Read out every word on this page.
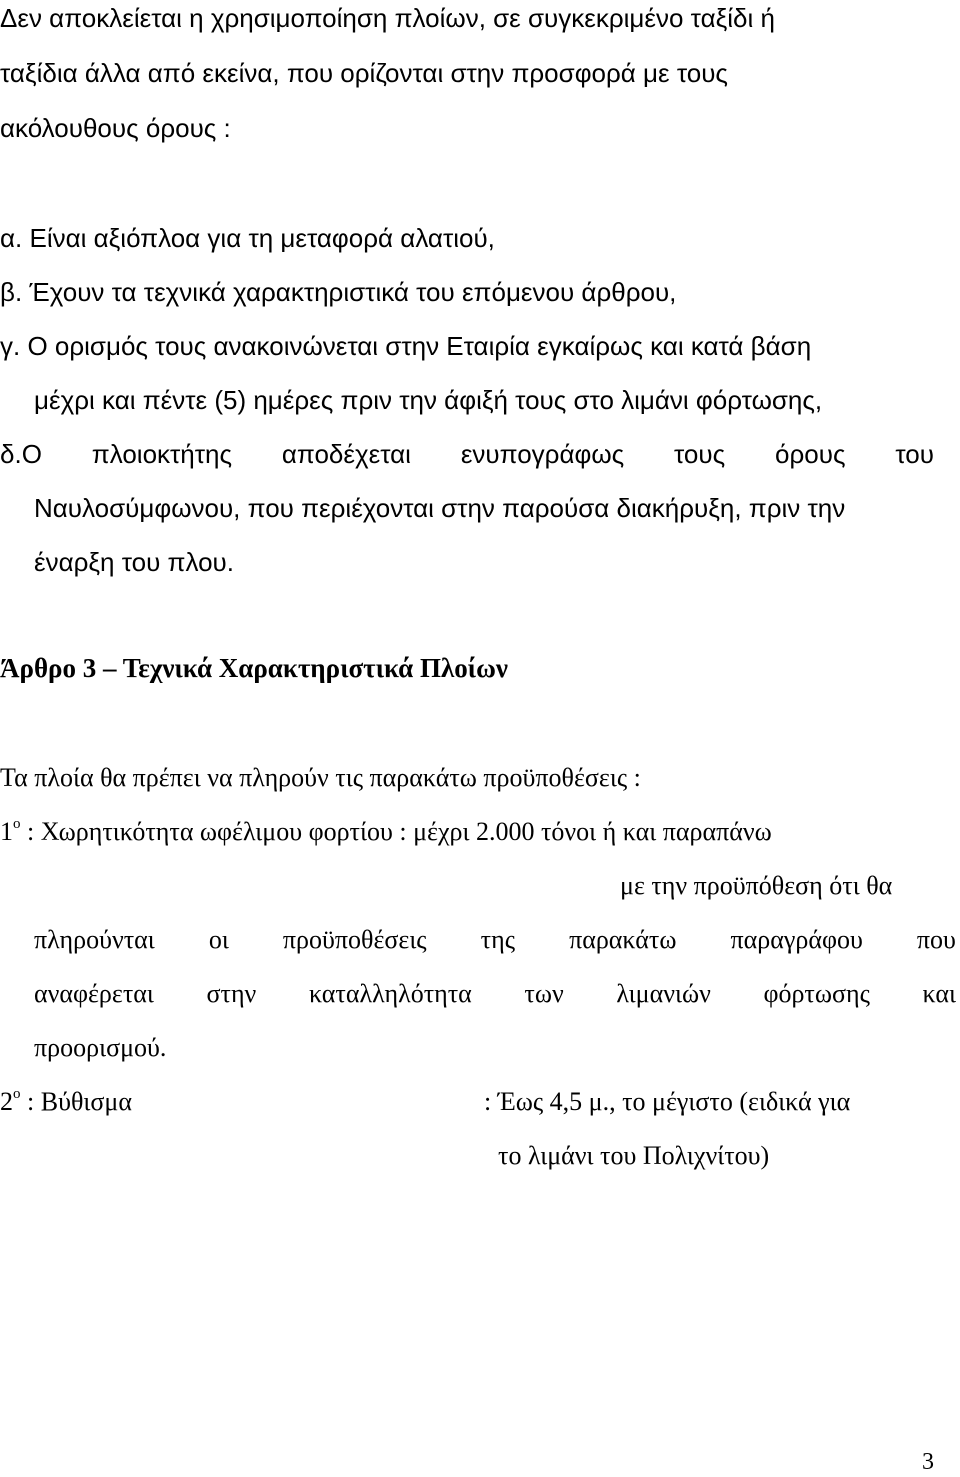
Δεν αποκλείεται η χρησιμοποίηση πλοίων, σε συγκεκριμένο ταξίδι ή
ταξίδια άλλα από εκείνα, που ορίζονται στην προσφορά με τους
ακόλουθους όρους :
α. Είναι αξιόπλοα για τη μεταφορά αλατιού,
β. Έχουν τα τεχνικά χαρακτηριστικά του επόμενου άρθρου,
γ. Ο ορισμός τους ανακοινώνεται στην Εταιρία εγκαίρως και κατά βάση
μέχρι και πέντε (5) ημέρες πριν την άφιξή τους στο λιμάνι φόρτωσης,
δ.Ο πλοιοκτήτης αποδέχεται ενυπογράφως τους όρους του
Ναυλοσύμφωνου, που περιέχονται στην παρούσα διακήρυξη, πριν την
έναρξη του πλου.
Άρθρο 3 – Τεχνικά Χαρακτηριστικά Πλοίων
Τα πλοία θα πρέπει να πληρούν τις παρακάτω προϋποθέσεις :
$1^o$ : Χωρητικότητα ωφέλιμου φορτίου : μέχρι 2.000 τόνοι ή και παραπάνω
με την προϋπόθεση ότι θα
πληρούνται οι προϋποθέσεις της παρακάτω παραγράφου που
αναφέρεται στην καταλληλότητα των λιμανιών φόρτωσης και
προορισμού.
$2^o$ : Βύθισμα	: Έως 4,5 μ., το μέγιστο (ειδικά για
το λιμάνι του Πολιχνίτου)
3
